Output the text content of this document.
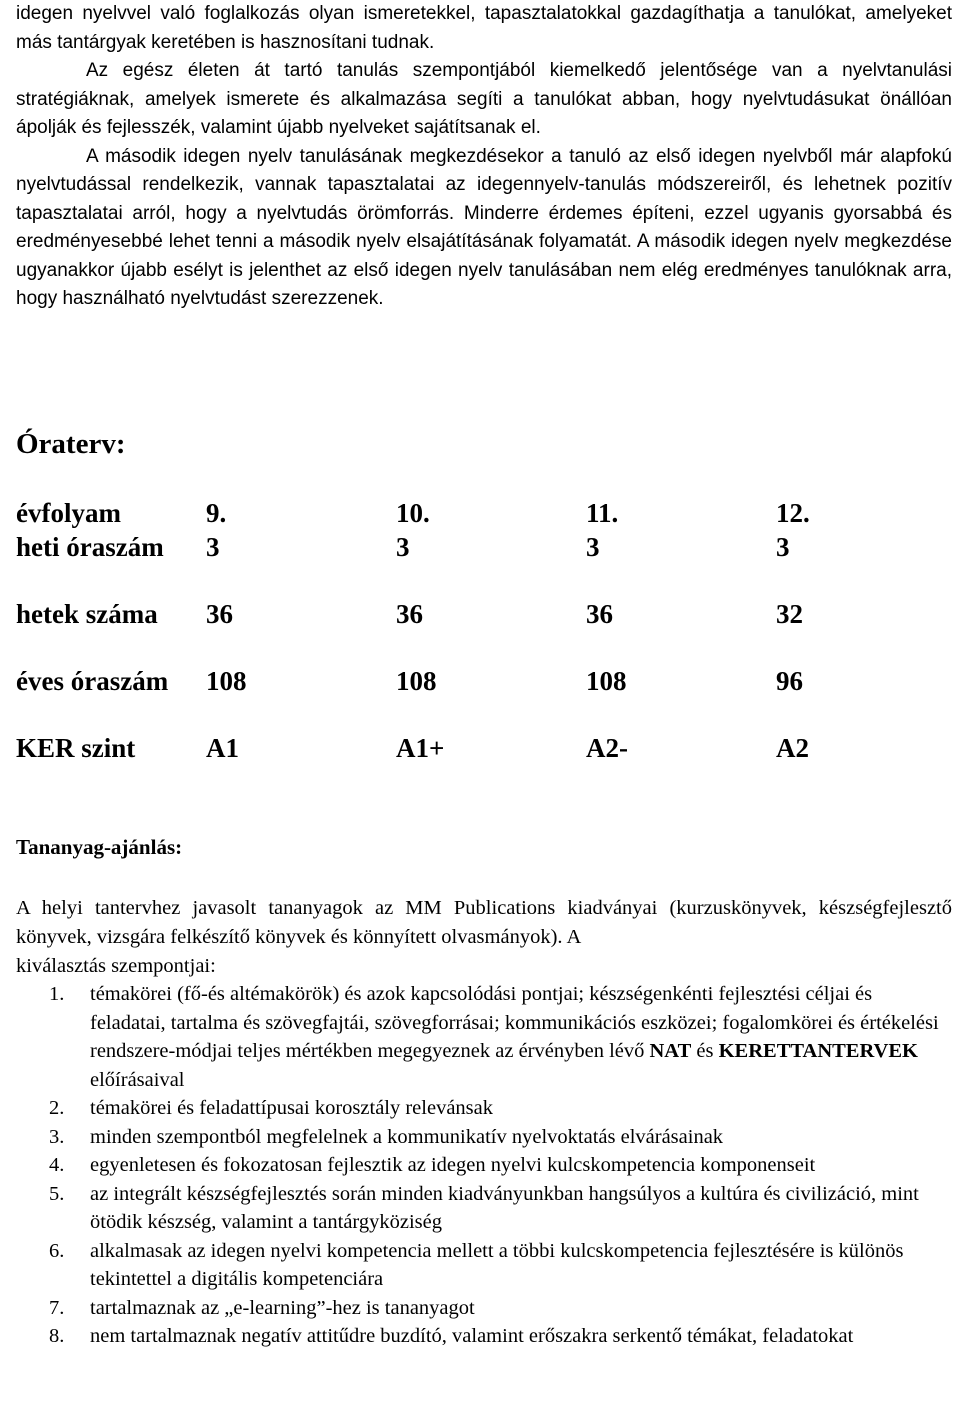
idegen nyelvvel való foglalkozás olyan ismeretekkel, tapasztalatokkal gazdagíthatja a tanulókat, amelyeket más tantárgyak keretében is hasznosítani tudnak.

Az egész életen át tartó tanulás szempontjából kiemelkedő jelentősége van a nyelvtanulási stratégiáknak, amelyek ismerete és alkalmazása segíti a tanulókat abban, hogy nyelvtudásukat önállóan ápolják és fejlesszék, valamint újabb nyelveket sajátítsanak el.

A második idegen nyelv tanulásának megkezdésekor a tanuló az első idegen nyelvből már alapfokú nyelvtudással rendelkezik, vannak tapasztalatai az idegennyelv-tanulás módszereiről, és lehetnek pozitív tapasztalatai arról, hogy a nyelvtudás örömforrás. Minderre érdemes építeni, ezzel ugyanis gyorsabbá és eredményesebbé lehet tenni a második nyelv elsajátításának folyamatát. A második idegen nyelv megkezdése ugyanakkor újabb esélyt is jelenthet az első idegen nyelv tanulásában nem elég eredményes tanulóknak arra, hogy használható nyelvtudást szerezzenek.

Óraterv:
évfolyam	9.	10.	11.	12.
heti óraszám	3	3	3	3
hetek száma	36	36	36	32
éves óraszám	108	108	108	96
KER szint	A1	A1+	A2-	A2
Tananyag-ajánlás:

A helyi tantervhez javasolt tananyagok az MM Publications kiadványai (kurzuskönyvek, készségfejlesztő könyvek, vizsgára felkészítő könyvek és könnyített olvasmányok). A
kiválasztás szempontjai:

1. témakörei (fő-és altémakörök) és azok kapcsolódási pontjai; készségenkénti fejlesztési céljai és feladatai, tartalma és szövegfajtái, szövegforrásai; kommunikációs eszközei; fogalomkörei és értékelési rendszere-módjai teljes mértékben megegyeznek az érvényben lévő NAT és KERETTANTERVEK előírásaival
2. témakörei és feladattípusai korosztály relevánsak
3. minden szempontból megfelelnek a kommunikatív nyelvoktatás elvárásainak
4. egyenletesen és fokozatosan fejlesztik az idegen nyelvi kulcskompetencia komponenseit
5. az integrált készségfejlesztés során minden kiadványunkban hangsúlyos a kultúra és civilizáció, mint ötödik készség, valamint a tantárgyköziség
6. alkalmasak az idegen nyelvi kompetencia mellett a többi kulcskompetencia fejlesztésére is különös tekintettel a digitális kompetenciára
7. tartalmaznak az „e-learning”-hez is tananyagot
8. nem tartalmaznak negatív attitűdre buzdító, valamint erőszakra serkentő témákat, feladatokat
